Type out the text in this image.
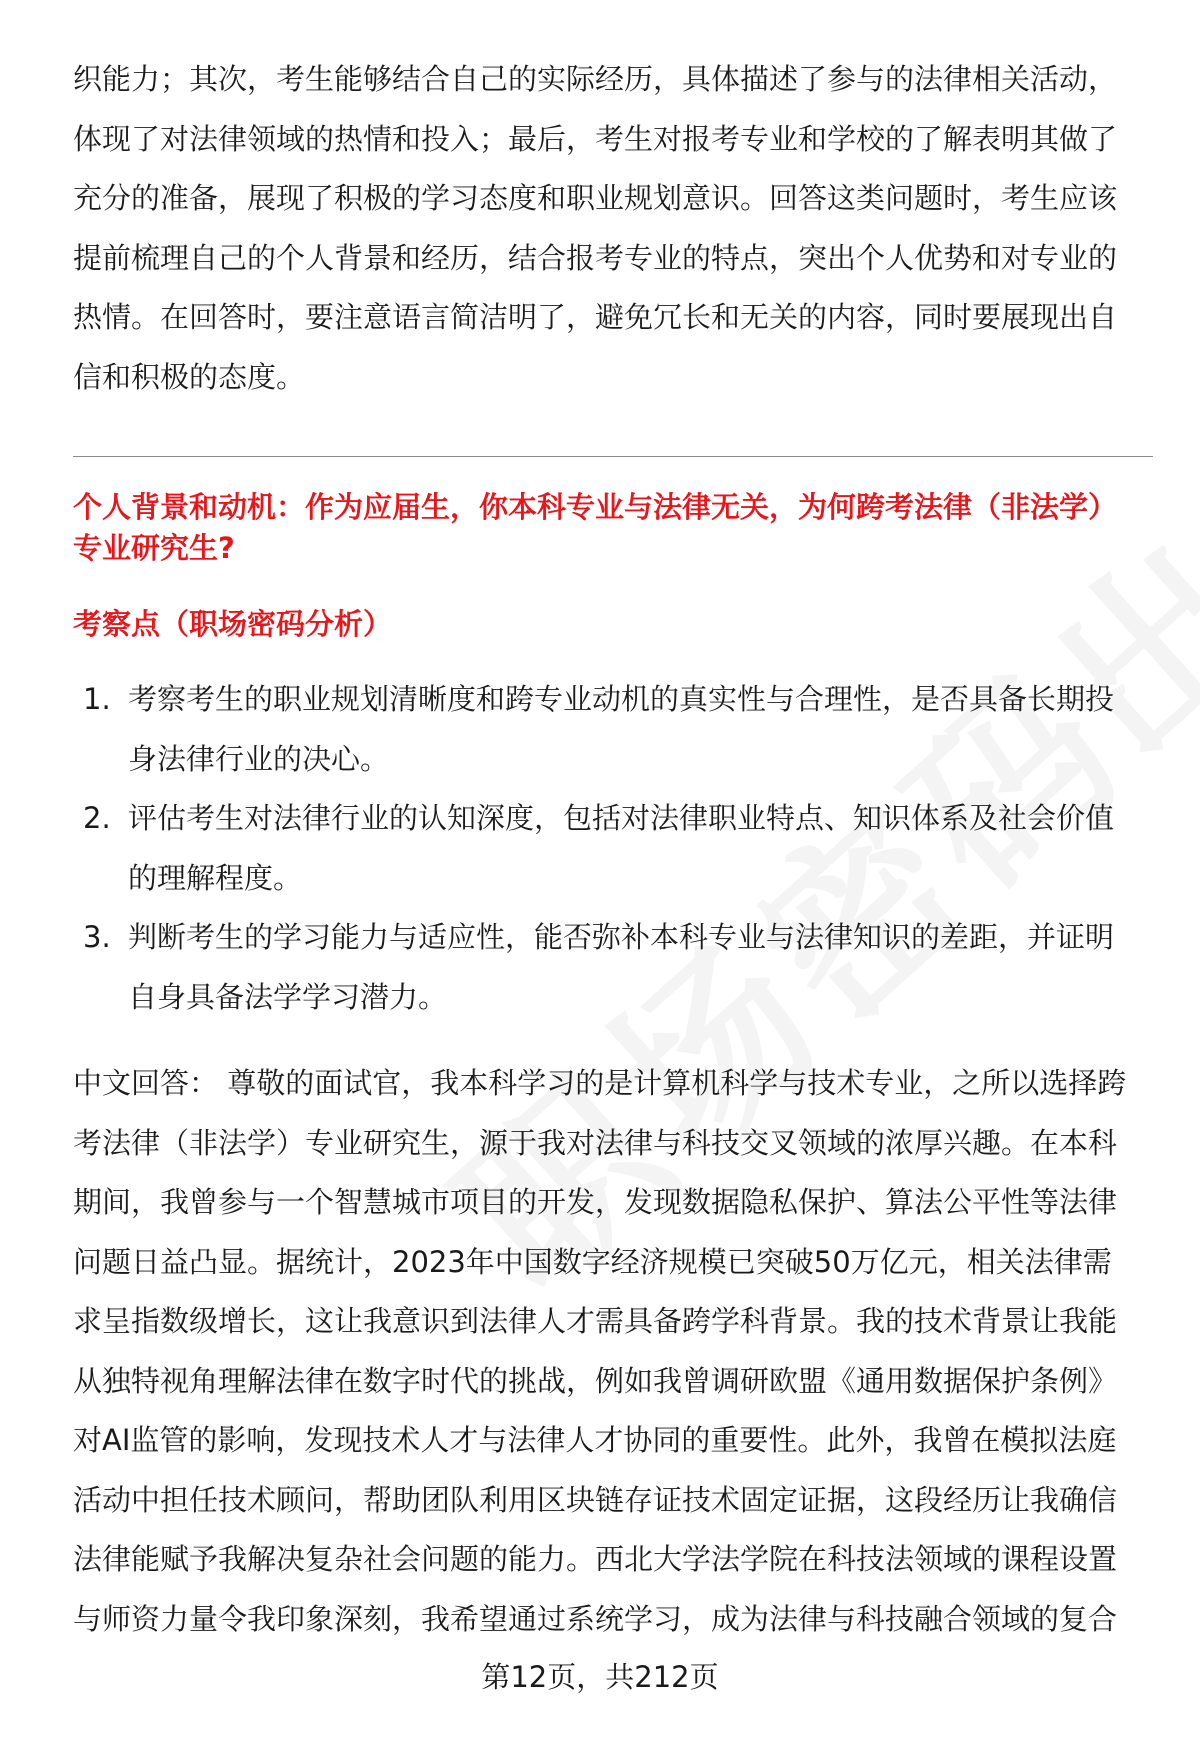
织能力；其次，考生能够结合自己的实际经历，具体描述了参与的法律相关活动，
体现了对法律领域的热情和投入；最后，考生对报考专业和学校的了解表明其做了
充分的准备，展现了积极的学习态度和职业规划意识。回答这类问题时，考生应该
提前梳理自己的个人背景和经历，结合报考专业的特点，突出个人优势和对专业的
热情。在回答时，要注意语言简洁明了，避免冗长和无关的内容，同时要展现出自
信和积极的态度。

个人背景和动机：作为应届生，你本科专业与法律无关，为何跨考法律（非法学）
专业研究生?
考察点（职场密码分析）
1. 考察考生的职业规划清晰度和跨专业动机的真实性与合理性，是否具备长期投
身法律行业的决心。
2. 评估考生对法律行业的认知深度，包括对法律职业特点、知识体系及社会价值
的理解程度。
3. 判断考生的学习能力与适应性，能否弥补本科专业与法律知识的差距，并证明
自身具备法学学习潜力。

中文回答： 尊敬的面试官，我本科学习的是计算机科学与技术专业，之所以选择跨
考法律（非法学）专业研究生，源于我对法律与科技交叉领域的浓厚兴趣。在本科
期间，我曾参与一个智慧城市项目的开发，发现数据隐私保护、算法公平性等法律
问题日益凸显。据统计，2023年中国数字经济规模已突破50万亿元，相关法律需
求呈指数级增长，这让我意识到法律人才需具备跨学科背景。我的技术背景让我能
从独特视角理解法律在数字时代的挑战，例如我曾调研欧盟《通用数据保护条例》
对AI监管的影响，发现技术人才与法律人才协同的重要性。此外，我曾在模拟法庭
活动中担任技术顾问，帮助团队利用区块链存证技术固定证据，这段经历让我确信
法律能赋予我解决复杂社会问题的能力。西北大学法学院在科技法领域的课程设置
与师资力量令我印象深刻，我希望通过系统学习，成为法律与科技融合领域的复合

第12页，共212页
